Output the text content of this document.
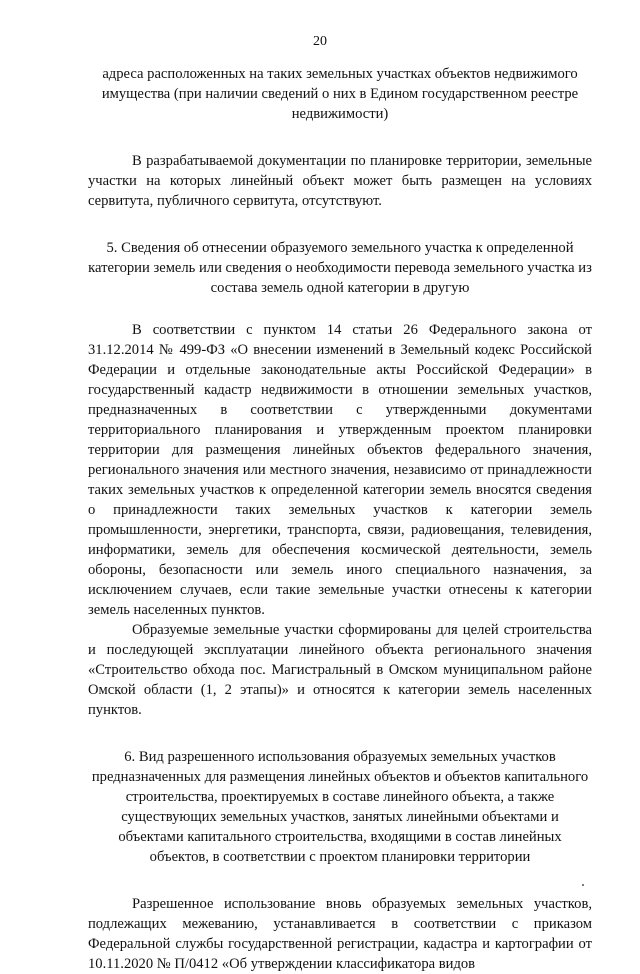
20

адреса расположенных на таких земельных участках объектов недвижимого имущества (при наличии сведений о них в Едином государственном реестре недвижимости)

В разрабатываемой документации по планировке территории, земельные участки на которых линейный объект может быть размещен на условиях сервитута, публичного сервитута, отсутствуют.

5. Сведения об отнесении образуемого земельного участка к определенной категории земель или сведения о необходимости перевода земельного участка из состава земель одной категории в другую

В соответствии с пунктом 14 статьи 26 Федерального закона от 31.12.2014 № 499-ФЗ «О внесении изменений в Земельный кодекс Российской Федерации и отдельные законодательные акты Российской Федерации» в государственный кадастр недвижимости в отношении земельных участков, предназначенных в соответствии с утвержденными документами территориального планирования и утвержденным проектом планировки территории для размещения линейных объектов федерального значения, регионального значения или местного значения, независимо от принадлежности таких земельных участков к определенной категории земель вносятся сведения о принадлежности таких земельных участков к категории земель промышленности, энергетики, транспорта, связи, радиовещания, телевидения, информатики, земель для обеспечения космической деятельности, земель обороны, безопасности или земель иного специального назначения, за исключением случаев, если такие земельные участки отнесены к категории земель населенных пунктов.

Образуемые земельные участки сформированы для целей строительства и последующей эксплуатации линейного объекта регионального значения «Строительство обхода пос. Магистральный в Омском муниципальном районе Омской области (1, 2 этапы)» и относятся к категории земель населенных пунктов.

6. Вид разрешенного использования образуемых земельных участков предназначенных для размещения линейных объектов и объектов капитального строительства, проектируемых в составе линейного объекта, а также существующих земельных участков, занятых линейными объектами и объектами капитального строительства, входящими в состав линейных объектов, в соответствии с проектом планировки территории

Разрешенное использование вновь образуемых земельных участков, подлежащих межеванию, устанавливается в соответствии с приказом Федеральной службы государственной регистрации, кадастра и картографии от 10.11.2020 № П/0412 «Об утверждении классификатора видов
